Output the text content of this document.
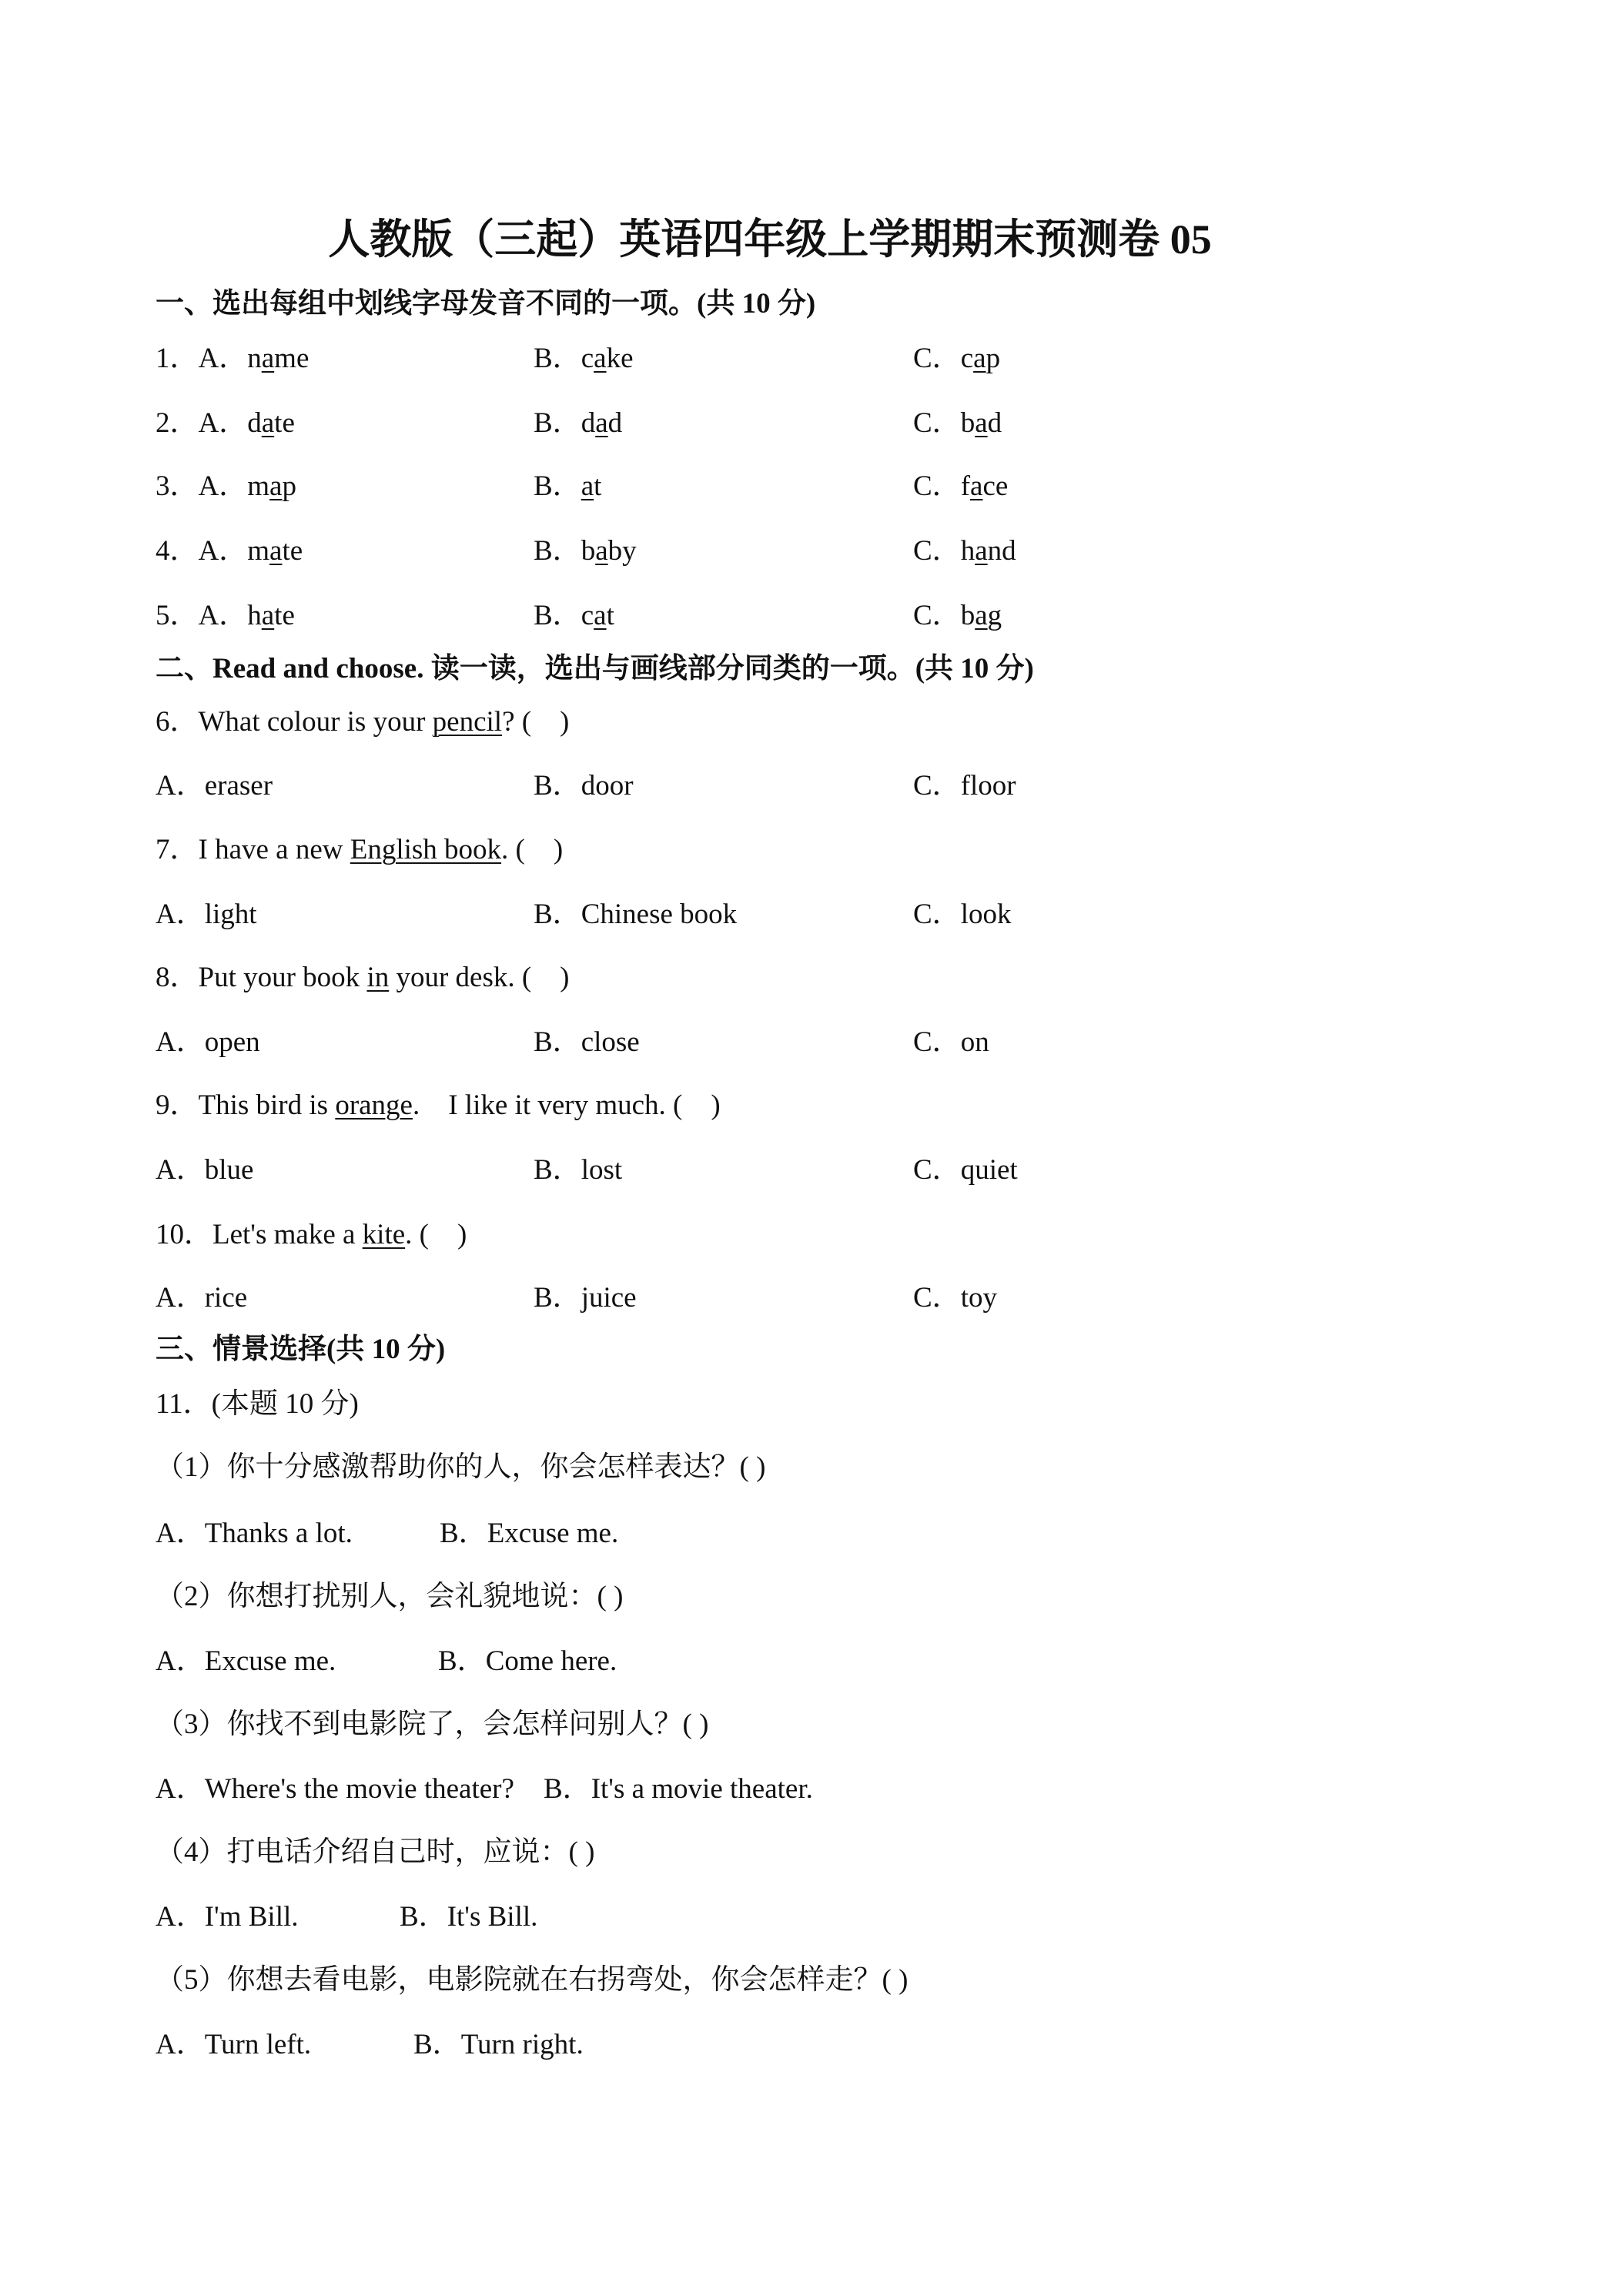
人教版（三起）英语四年级上学期期末预测卷 05
一、选出每组中划线字母发音不同的一项。(共 10 分)
1．A．name	B．cake	C．cap
2．A．date	B．dad	C．bad
3．A．map	B．at	C．face
4．A．mate	B．baby	C．hand
5．A．hate	B．cat	C．bag
二、Read and choose. 读一读，选出与画线部分同类的一项。(共 10 分)
6．What colour is your pencil? (    )
A．eraser	B．door	C．floor
7．I have a new English book. (    )
A．light	B．Chinese book	C．look
8．Put your book in your desk. (    )
A．open	B．close	C．on
9．This bird is orange.    I like it very much. (    )
A．blue	B．lost	C．quiet
10．Let's make a kite. (    )
A．rice	B．juice	C．toy
三、情景选择(共 10 分)
11．(本题 10 分)
（1）你十分感激帮助你的人，你会怎样表达？( )
A．Thanks a lot.	B．Excuse me.
（2）你想打扰别人，会礼貌地说：( )
A．Excuse me.	B．Come here.
（3）你找不到电影院了，会怎样问别人？( )
A．Where's the movie theater? B．It's a movie theater.
（4）打电话介绍自己时，应说：( )
A．I'm Bill.	B．It's Bill.
（5）你想去看电影，电影院就在右拐弯处，你会怎样走？( )
A．Turn left.	B．Turn right.
